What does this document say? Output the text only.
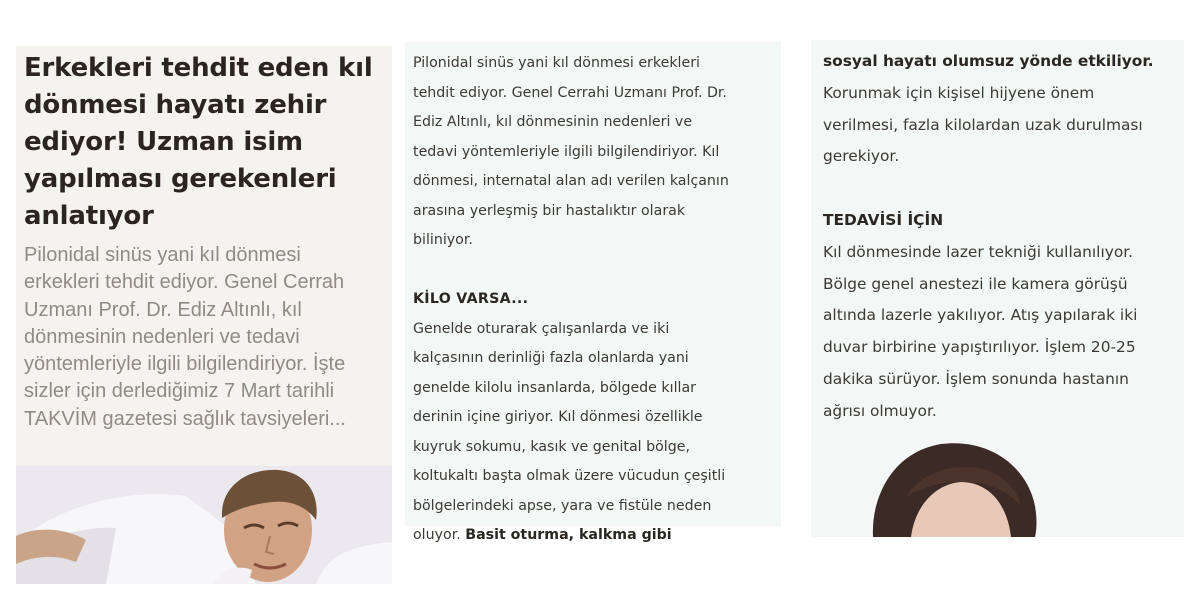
Erkekleri tehdit eden kıl
dönmesi hayatı zehir
ediyor! Uzman isim
yapılması gerekenleri
anlatıyor
Pilonidal sinüs yani kıl dönmesi
erkekleri tehdit ediyor. Genel Cerrah
Uzmanı Prof. Dr. Ediz Altınlı, kıl
dönmesinin nedenleri ve tedavi
yöntemleriyle ilgili bilgilendiriyor. İşte
sizler için derlediğimiz 7 Mart tarihli
TAKVİM gazetesi sağlık tavsiyeleri...
Pilonidal sinüs yani kıl dönmesi erkekleri
tehdit ediyor. Genel Cerrahi Uzmanı Prof. Dr.
Ediz Altınlı, kıl dönmesinin nedenleri ve
tedavi yöntemleriyle ilgili bilgilendiriyor. Kıl
dönmesi, internatal alan adı verilen kalçanın
arasına yerleşmiş bir hastalıktır olarak
biliniyor.

KİLO VARSA...
Genelde oturarak çalışanlarda ve iki
kalçasının derinliği fazla olanlarda yani
genelde kilolu insanlarda, bölgede kıllar
derinin içine giriyor. Kıl dönmesi özellikle
kuyruk sokumu, kasık ve genital bölge,
koltukaltı başta olmak üzere vücudun çeşitli
bölgelerindeki apse, yara ve fistüle neden
oluyor. Basit oturma, kalkma gibi
sosyal hayatı olumsuz yönde etkiliyor.
Korunmak için kişisel hijyene önem
verilmesi, fazla kilolardan uzak durulması
gerekiyor.

TEDAVİSİ İÇİN
Kıl dönmesinde lazer tekniği kullanılıyor.
Bölge genel anestezi ile kamera görüşü
altında lazerle yakılıyor. Atış yapılarak iki
duvar birbirine yapıştırılıyor. İşlem 20-25
dakika sürüyor. İşlem sonunda hastanın
ağrısı olmuyor.
